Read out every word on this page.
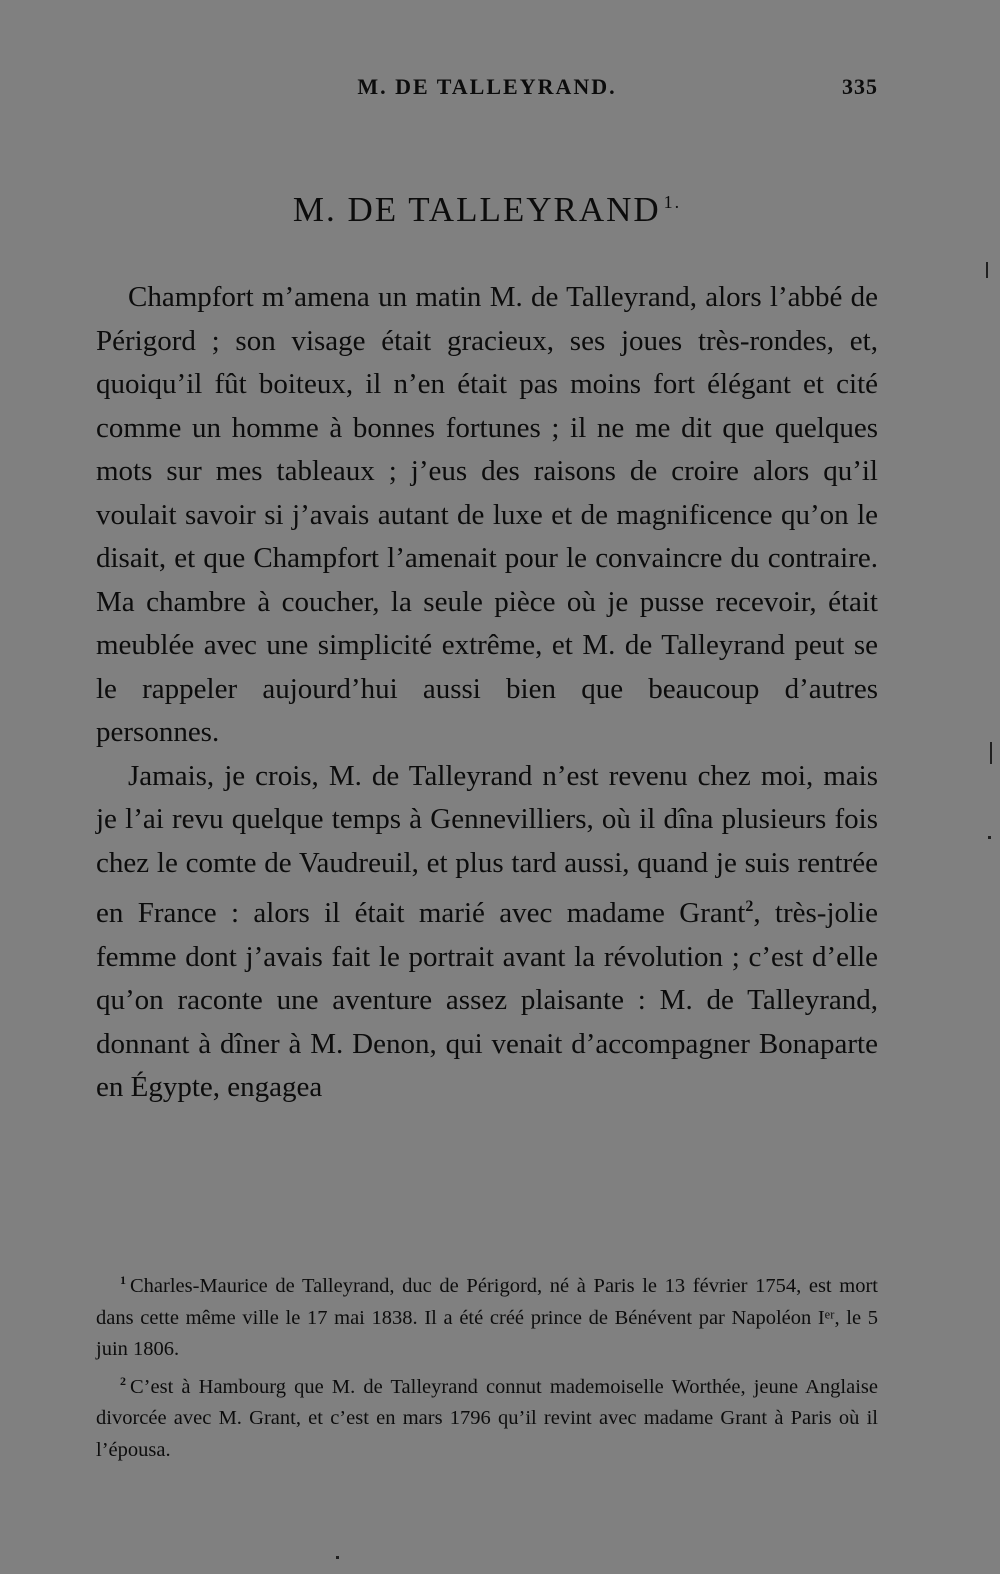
M. DE TALLEYRAND.	335
M. DE TALLEYRAND $^{1.}$

Champfort m’amena un matin M. de Talleyrand, alors l’abbé de Périgord ; son visage était gracieux, ses joues très-rondes, et, quoiqu’il fût boiteux, il n’en était pas moins fort élégant et cité comme un homme à bonnes fortunes ; il ne me dit que quelques mots sur mes tableaux ; j’eus des raisons de croire alors qu’il voulait savoir si j’avais autant de luxe et de magnificence qu’on le disait, et que Champfort l’amenait pour le convaincre du contraire. Ma chambre à coucher, la seule pièce où je pusse recevoir, était meublée avec une simplicité extrême, et M. de Talleyrand peut se le rappeler aujourd’hui aussi bien que beaucoup d’autres personnes.

Jamais, je crois, M. de Talleyrand n’est revenu chez moi, mais je l’ai revu quelque temps à Gennevilliers, où il dîna plusieurs fois chez le comte de Vaudreuil, et plus tard aussi, quand je suis rentrée en France : alors il était marié avec madame Grant$^2$, très-jolie femme dont j’avais fait le portrait avant la révolution ; c’est d’elle qu’on raconte une aventure assez plaisante : M. de Talleyrand, donnant à dîner à M. Denon, qui venait d’accompagner Bonaparte en Égypte, engagea

$^1$ Charles-Maurice de Talleyrand, duc de Périgord, né à Paris le 13 février 1754, est mort dans cette même ville le 17 mai 1838. Il a été créé prince de Bénévent par Napoléon Iᵉʳ, le 5 juin 1806.

$^2$ C’est à Hambourg que M. de Talleyrand connut mademoiselle Worthée, jeune Anglaise divorcée avec M. Grant, et c’est en mars 1796 qu’il revint avec madame Grant à Paris où il l’épousa.
